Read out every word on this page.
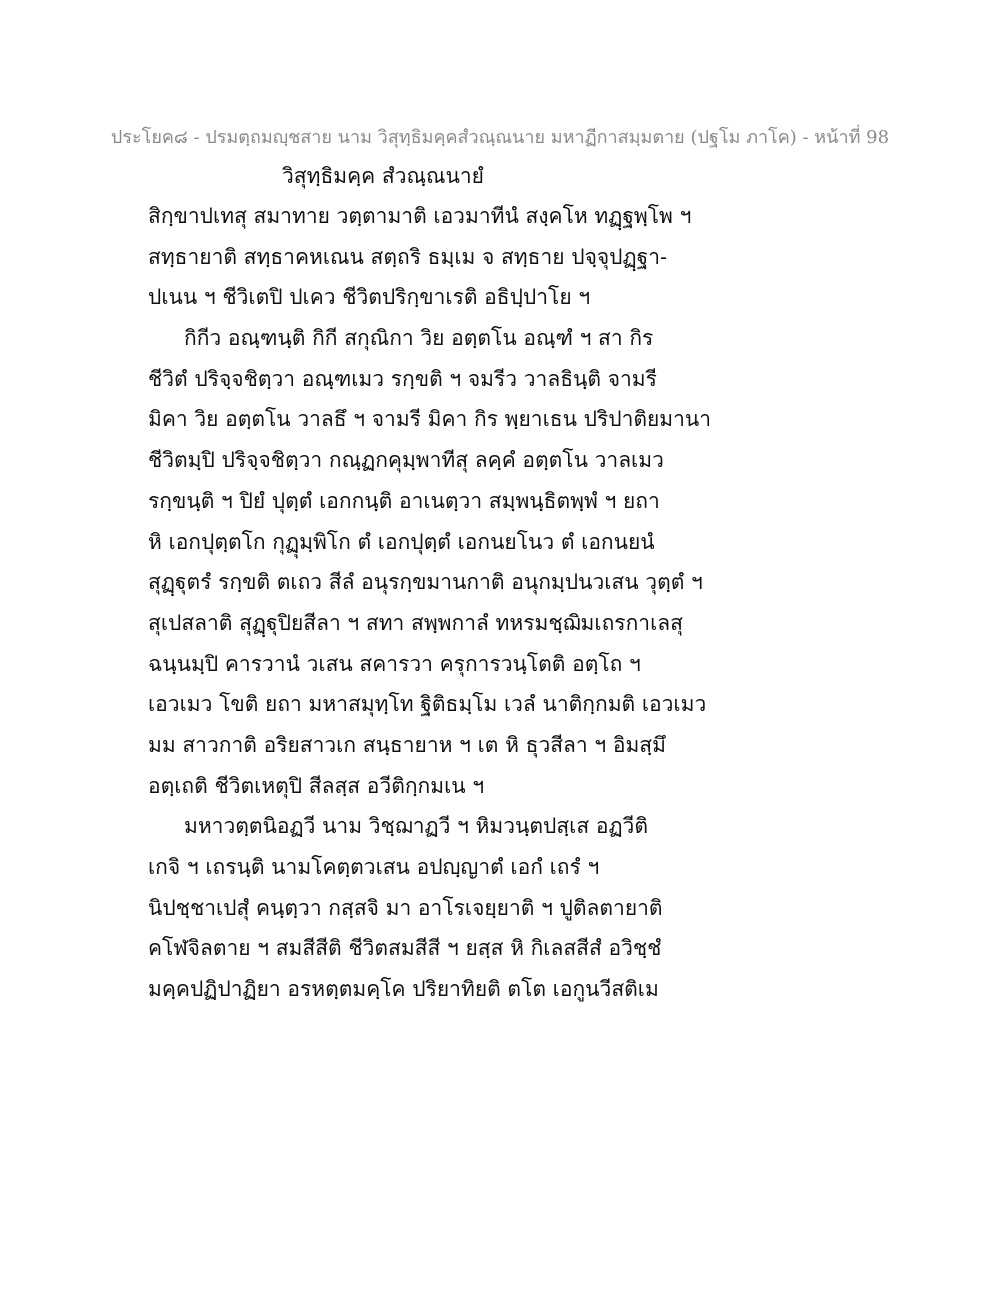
ประโยค๘ - ปรมตฺถมญฺชสาย นาม วิสุทฺธิมคฺคสํวณฺณนาย มหาฏีกาสมฺมตาย (ปฐโม ภาโค) - หน้าที่ 98
วิสุทฺธิมคฺค สํวณฺณนายํ
สิกฺขาปเทสุ สมาทาย วตฺตามาติ เอวมาทีนํ สงฺคโห ทฏฺฐพฺโพ ฯ
สทฺธายาติ สทฺธาคหเณน สตฺถริ ธมฺเม จ สทฺธาย ปจฺจุปฏฺฐา-
ปเนน ฯ ชีวิเตปิ ปเคว ชีวิตปริกฺขาเรติ อธิปฺปาโย ฯ
กิกีว อณฺฑนฺติ กิกี สกุณิกา วิย อตฺตโน อณฺฑํ ฯ สา กิร
ชีวิตํ ปริจฺจชิตฺวา อณฺฑเมว รกฺขติ ฯ จมรีว วาลธินฺติ จามรี
มิคา วิย อตฺตโน วาลธึ ฯ จามรี มิคา กิร พฺยาเธน ปริปาติยมานา
ชีวิตมฺปิ ปริจฺจชิตฺวา กณฺฏกคุมฺพาทีสุ ลคฺคํ อตฺตโน วาลเมว
รกฺขนฺติ ฯ ปิยํ ปุตฺตํ เอกกนฺติ อาเนตฺวา สมฺพนฺธิตพฺพํ ฯ ยถา
หิ เอกปุตฺตโก กุฏุมฺพิโก ตํ เอกปุตฺตํ เอกนยโนว ตํ เอกนยนํ
สุฏฺฐุตรํ รกฺขติ ตเถว สีลํ อนุรกฺขมานกาติ อนุกมฺปนวเสน วุตฺตํ ฯ
สุเปสลาติ สุฏฺฐุปิยสีลา ฯ สทา สพฺพกาลํ ทหรมชฺฌิมเถรกาเลสุ
ฉนฺนมฺปิ คารวานํ วเสน สคารวา ครุการวนฺโตติ อตฺโถ ฯ
เอวเมว โขติ ยถา มหาสมุทฺโท ฐิติธมฺโม เวลํ นาติกฺกมติ เอวเมว
มม สาวกาติ อริยสาวเก สนฺธายาห ฯ เต หิ ธุวสีลา ฯ อิมสฺมึ
อตฺเถติ ชีวิตเหตุปิ สีลสฺส อวีติกฺกมเน ฯ
มหาวตฺตนิอฏวี นาม วิชฺฌาฏวี ฯ หิมวนฺตปสฺเส อฏวีติ
เกจิ ฯ เถรนฺติ นามโคตฺตวเสน อปญฺญาตํ เอกํ เถรํ ฯ
นิปชฺชาเปสุํ คนฺตฺวา กสฺสจิ มา อาโรเจยฺยาติ ฯ ปูติลตายาติ
คโฬจิลตาย ฯ สมสีสีติ ชีวิตสมสีสี ฯ ยสฺส หิ กิเลสสีสํ อวิชฺชํ
มคฺคปฏิปาฏิยา อรหตฺตมคฺโค ปริยาทิยติ ตโต เอกูนวีสติเม
